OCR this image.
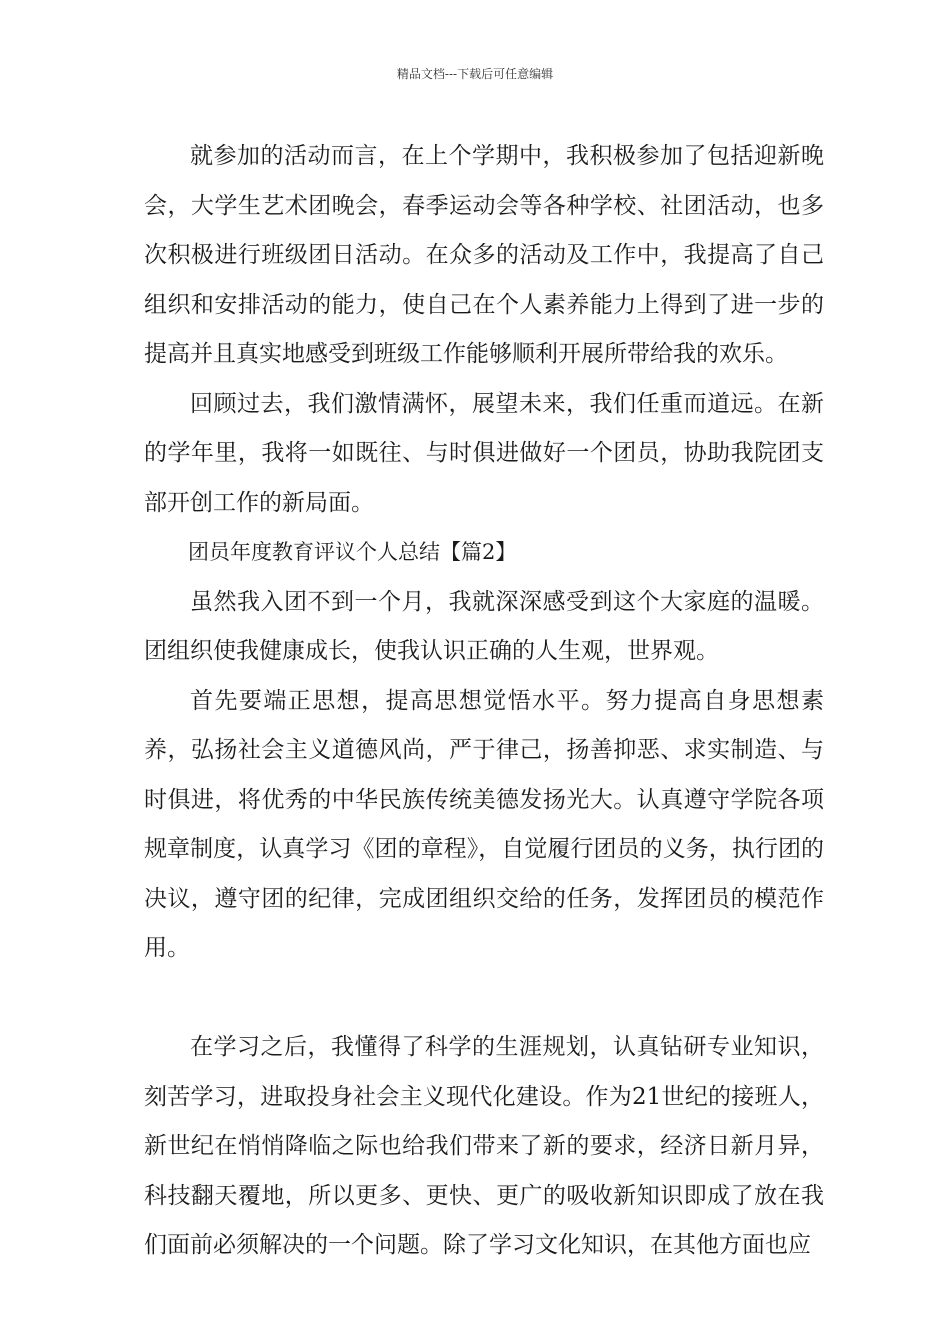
精品文档---下载后可任意编辑

就参加的活动而言，在上个学期中，我积极参加了包括迎新晚会，大学生艺术团晚会，春季运动会等各种学校、社团活动，也多次积极进行班级团日活动。在众多的活动及工作中，我提高了自己组织和安排活动的能力，使自己在个人素养能力上得到了进一步的提高并且真实地感受到班级工作能够顺利开展所带给我的欢乐。

回顾过去，我们激情满怀，展望未来，我们任重而道远。在新的学年里，我将一如既往、与时俱进做好一个团员，协助我院团支部开创工作的新局面。

团员年度教育评议个人总结【篇2】

虽然我入团不到一个月，我就深深感受到这个大家庭的温暖。团组织使我健康成长，使我认识正确的人生观，世界观。

首先要端正思想，提高思想觉悟水平。努力提高自身思想素养，弘扬社会主义道德风尚，严于律己，扬善抑恶、求实制造、与时俱进，将优秀的中华民族传统美德发扬光大。认真遵守学院各项规章制度，认真学习《团的章程》，自觉履行团员的义务，执行团的决议，遵守团的纪律，完成团组织交给的任务，发挥团员的模范作用。

在学习之后，我懂得了科学的生涯规划，认真钻研专业知识，刻苦学习，进取投身社会主义现代化建设。作为21世纪的接班人，新世纪在悄悄降临之际也给我们带来了新的要求，经济日新月异，科技翻天覆地，所以更多、更快、更广的吸收新知识即成了放在我们面前必须解决的一个问题。除了学习文化知识，在其他方面也应
